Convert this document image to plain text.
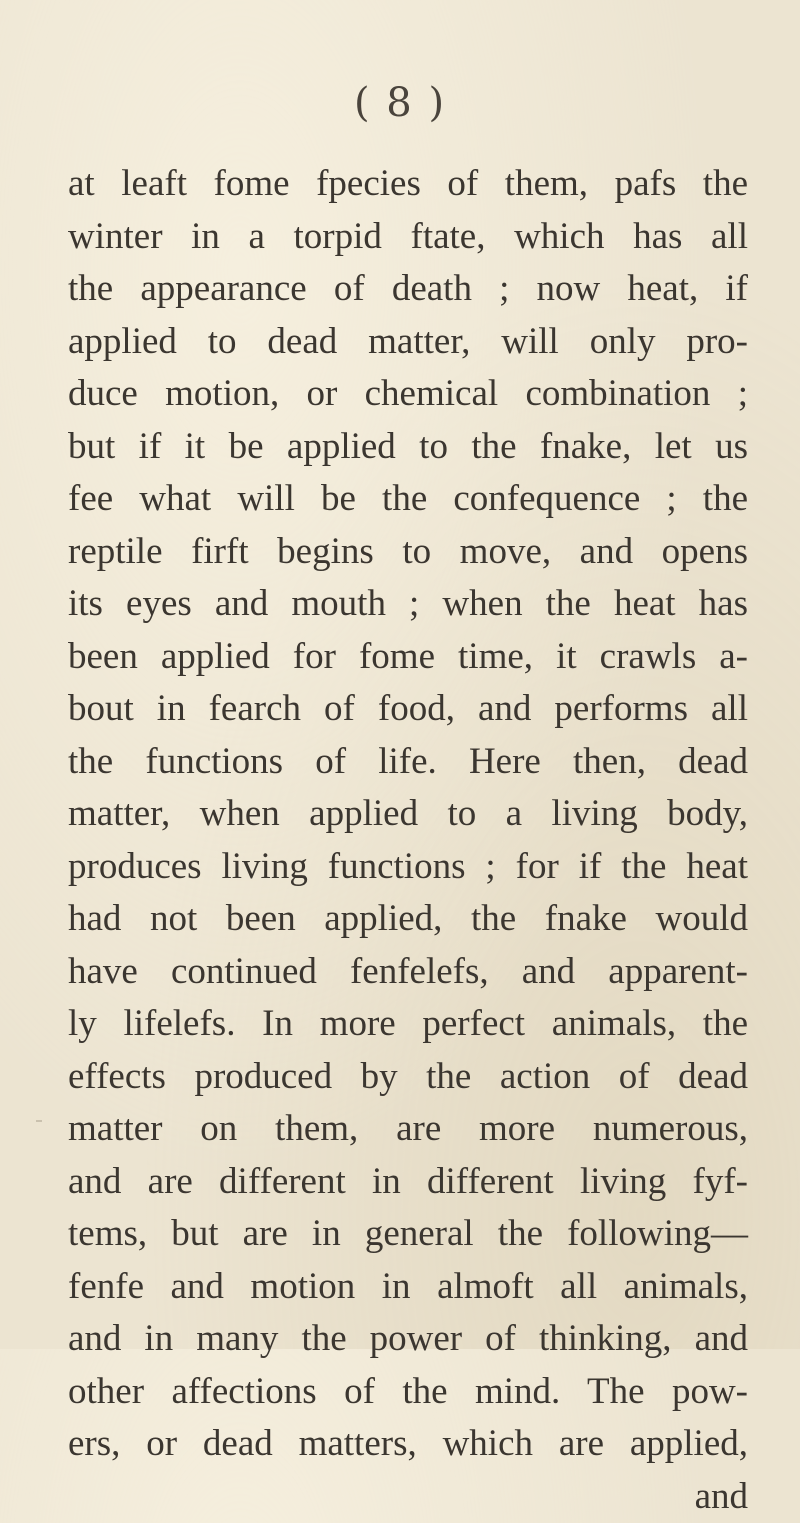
( 8 )
at leaft fome fpecies of them, pafs the
winter in a torpid ftate, which has all
the appearance of death ; now heat, if
applied to dead matter, will only pro-
duce motion, or chemical combination ;
but if it be applied to the fnake, let us
fee what will be the confequence ; the
reptile firft begins to move, and opens
its eyes and mouth ; when the heat has
been applied for fome time, it crawls a-
bout in fearch of food, and performs all
the functions of life. Here then, dead
matter, when applied to a living body,
produces living functions ; for if the heat
had not been applied, the fnake would
have continued fenfelefs, and apparent-
ly lifelefs. In more perfect animals, the
effects produced by the action of dead
matter on them, are more numerous,
and are different in different living fyf-
tems, but are in general the following—
fenfe and motion in almoft all animals,
and in many the power of thinking, and
other affections of the mind. The pow-
ers, or dead matters, which are applied,
and
